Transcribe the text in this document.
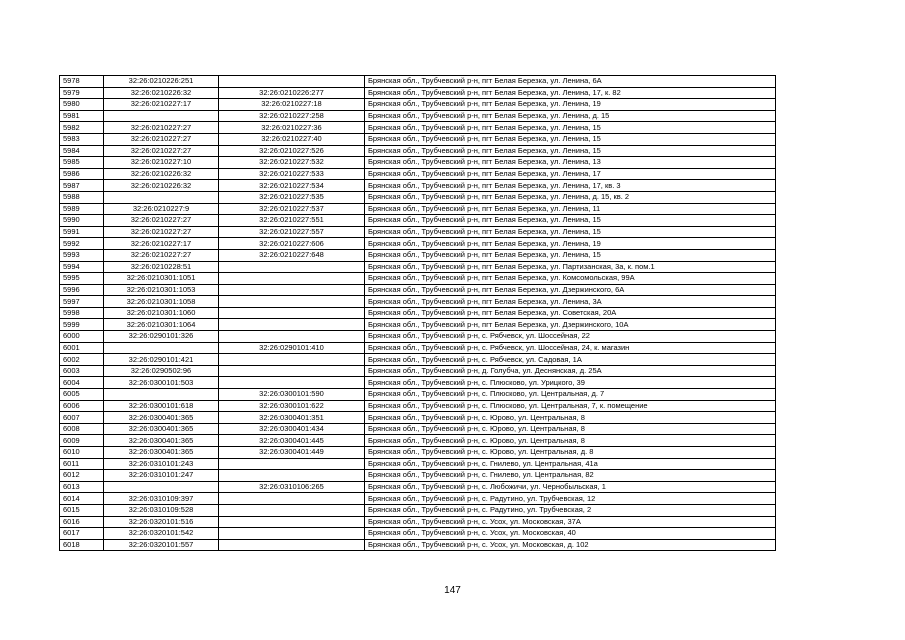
5978	32:26:0210226:251		Брянская обл., Трубчевский р-н, пгт Белая Березка, ул. Ленина, 6А
5979	32:26:0210226:32	32:26:0210226:277	Брянская обл., Трубчевский р-н, пгт Белая Березка, ул. Ленина, 17, к. 82
5980	32:26:0210227:17	32:26:0210227:18	Брянская обл., Трубчевский р-н, пгт Белая Березка, ул. Ленина, 19
5981		32:26:0210227:258	Брянская обл., Трубчевский р-н, пгт Белая Березка, ул. Ленина, д. 15
5982	32:26:0210227:27	32:26:0210227:36	Брянская обл., Трубчевский р-н, пгт Белая Березка, ул. Ленина, 15
5983	32:26:0210227:27	32:26:0210227:40	Брянская обл., Трубчевский р-н, пгт Белая Березка, ул. Ленина, 15
5984	32:26:0210227:27	32:26:0210227:526	Брянская обл., Трубчевский р-н, пгт Белая Березка, ул. Ленина, 15
5985	32:26:0210227:10	32:26:0210227:532	Брянская обл., Трубчевский р-н, пгт Белая Березка, ул. Ленина, 13
5986	32:26:0210226:32	32:26:0210227:533	Брянская обл., Трубчевский р-н, пгт Белая Березка, ул. Ленина, 17
5987	32:26:0210226:32	32:26:0210227:534	Брянская обл., Трубчевский р-н, пгт Белая Березка, ул. Ленина, 17, кв. 3
5988		32:26:0210227:535	Брянская обл., Трубчевский р-н, пгт Белая Березка, ул. Ленина, д. 15, кв. 2
5989	32:26:0210227:9	32:26:0210227:537	Брянская обл., Трубчевский р-н, пгт Белая Березка, ул. Ленина, 11
5990	32:26:0210227:27	32:26:0210227:551	Брянская обл., Трубчевский р-н, пгт Белая Березка, ул. Ленина, 15
5991	32:26:0210227:27	32:26:0210227:557	Брянская обл., Трубчевский р-н, пгт Белая Березка, ул. Ленина, 15
5992	32:26:0210227:17	32:26:0210227:606	Брянская обл., Трубчевский р-н, пгт Белая Березка, ул. Ленина, 19
5993	32:26:0210227:27	32:26:0210227:648	Брянская обл., Трубчевский р-н, пгт Белая Березка, ул. Ленина, 15
5994	32:26:0210228:51		Брянская обл., Трубчевский р-н, пгт Белая Березка, ул. Партизанская, 3а, к. пом.1
5995	32:26:0210301:1051		Брянская обл., Трубчевский р-н, пгт Белая Березка, ул. Комсомольская, 99А
5996	32:26:0210301:1053		Брянская обл., Трубчевский р-н, пгт Белая Березка, ул. Дзержинского, 6А
5997	32:26:0210301:1058		Брянская обл., Трубчевский р-н, пгт Белая Березка, ул. Ленина, 3А
5998	32:26:0210301:1060		Брянская обл., Трубчевский р-н, пгт Белая Березка, ул. Советская, 20А
5999	32:26:0210301:1064		Брянская обл., Трубчевский р-н, пгт Белая Березка, ул. Дзержинского, 10А
6000	32:26:0290101:326		Брянская обл., Трубчевский р-н, с. Рябчевск, ул. Шоссейная, 22
6001		32:26:0290101:410	Брянская обл., Трубчевский р-н, с. Рябчевск, ул. Шоссейная, 24, к. магазин
6002	32:26:0290101:421		Брянская обл., Трубчевский р-н, с. Рябчевск, ул. Садовая, 1А
6003	32:26:0290502:96		Брянская обл., Трубчевский р-н, д. Голубча, ул. Деснянская, д. 25А
6004	32:26:0300101:503		Брянская обл., Трубчевский р-н, с. Плюсково, ул. Урицкого, 39
6005		32:26:0300101:590	Брянская обл., Трубчевский р-н, с. Плюсково, ул. Центральная, д. 7
6006	32:26:0300101:618	32:26:0300101:622	Брянская обл., Трубчевский р-н, с. Плюсково, ул. Центральная, 7, к. помещение
6007	32:26:0300401:365	32:26:0300401:351	Брянская обл., Трубчевский р-н, с. Юрово, ул. Центральная, 8
6008	32:26:0300401:365	32:26:0300401:434	Брянская обл., Трубчевский р-н, с. Юрово, ул. Центральная, 8
6009	32:26:0300401:365	32:26:0300401:445	Брянская обл., Трубчевский р-н, с. Юрово, ул. Центральная, 8
6010	32:26:0300401:365	32:26:0300401:449	Брянская обл., Трубчевский р-н, с. Юрово, ул. Центральная, д. 8
6011	32:26:0310101:243		Брянская обл., Трубчевский р-н, с. Гнилево, ул. Центральная, 41а
6012	32:26:0310101:247		Брянская обл., Трубчевский р-н, с. Гнилево, ул. Центральная, 82
6013		32:26:0310106:265	Брянская обл., Трубчевский р-н, с. Любожичи, ул. Чернобыльская, 1
6014	32:26:0310109:397		Брянская обл., Трубчевский р-н, с. Радутино, ул. Трубчевская, 12
6015	32:26:0310109:528		Брянская обл., Трубчевский р-н, с. Радутино, ул. Трубчевская, 2
6016	32:26:0320101:516		Брянская обл., Трубчевский р-н, с. Усох, ул. Московская, 37А
6017	32:26:0320101:542		Брянская обл., Трубчевский р-н, с. Усох, ул. Московская, 40
6018	32:26:0320101:557		Брянская обл., Трубчевский р-н, с. Усох, ул. Московская, д. 102
147
